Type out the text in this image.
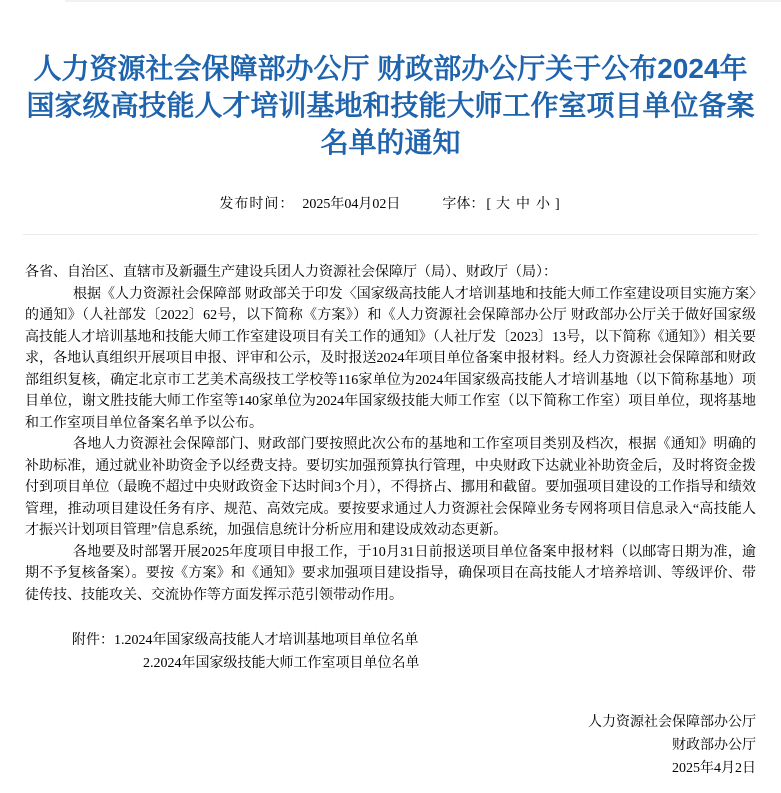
人力资源社会保障部办公厅 财政部办公厅关于公布2024年
国家级高技能人才培训基地和技能大师工作室项目单位备案
名单的通知
发布时间： 2025年04月02日	字体： [ 大 中 小 ]

各省、自治区、直辖市及新疆生产建设兵团人力资源社会保障厅（局）、财政厅（局）：

根据《人力资源社会保障部 财政部关于印发〈国家级高技能人才培训基地和技能大师工作室建设项目实施方案〉的通知》（人社部发〔2022〕62号，以下简称《方案》）和《人力资源社会保障部办公厅 财政部办公厅关于做好国家级高技能人才培训基地和技能大师工作室建设项目有关工作的通知》（人社厅发〔2023〕13号，以下简称《通知》）相关要求，各地认真组织开展项目申报、评审和公示，及时报送2024年项目单位备案申报材料。经人力资源社会保障部和财政部组织复核，确定北京市工艺美术高级技工学校等116家单位为2024年国家级高技能人才培训基地（以下简称基地）项目单位，谢文胜技能大师工作室等140家单位为2024年国家级技能大师工作室（以下简称工作室）项目单位，现将基地和工作室项目单位备案名单予以公布。

各地人力资源社会保障部门、财政部门要按照此次公布的基地和工作室项目类别及档次，根据《通知》明确的补助标准，通过就业补助资金予以经费支持。要切实加强预算执行管理，中央财政下达就业补助资金后，及时将资金拨付到项目单位（最晚不超过中央财政资金下达时间3个月），不得挤占、挪用和截留。要加强项目建设的工作指导和绩效管理，推动项目建设任务有序、规范、高效完成。要按要求通过人力资源社会保障业务专网将项目信息录入“高技能人才振兴计划项目管理”信息系统，加强信息统计分析应用和建设成效动态更新。

各地要及时部署开展2025年度项目申报工作，于10月31日前报送项目单位备案申报材料（以邮寄日期为准，逾期不予复核备案）。要按《方案》和《通知》要求加强项目建设指导，确保项目在高技能人才培养培训、等级评价、带徒传技、技能攻关、交流协作等方面发挥示范引领带动作用。

附件：1.2024年国家级高技能人才培训基地项目单位名单
2.2024年国家级技能大师工作室项目单位名单
人力资源社会保障部办公厅
财政部办公厅
2025年4月2日
